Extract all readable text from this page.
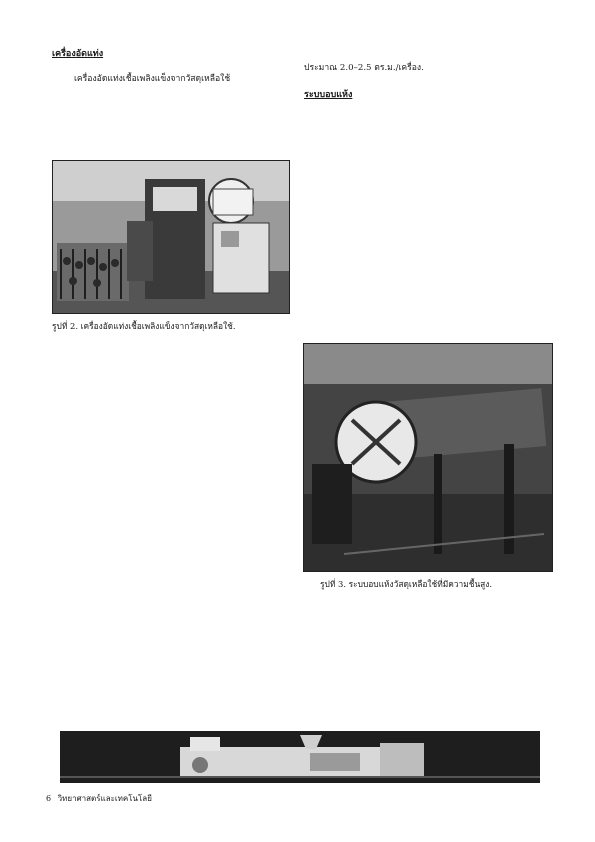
เครื่องอัดแท่ง

เครื่องอัดแท่งเชื้อเพลิงแข็งจากวัสดุเหลือใช้

รูปที่ 2. เครื่องอัดแท่งเชื้อเพลิงแข็งจากวัสดุเหลือใช้.

ประมาณ 2.0–2.5 ตร.ม./เครื่อง.

ระบบอบแห้ง
รูปที่ 3. ระบบอบแห้งวัสดุเหลือใช้ที่มีความชื้นสูง.
6 วิทยาศาสตร์และเทคโนโลยี
